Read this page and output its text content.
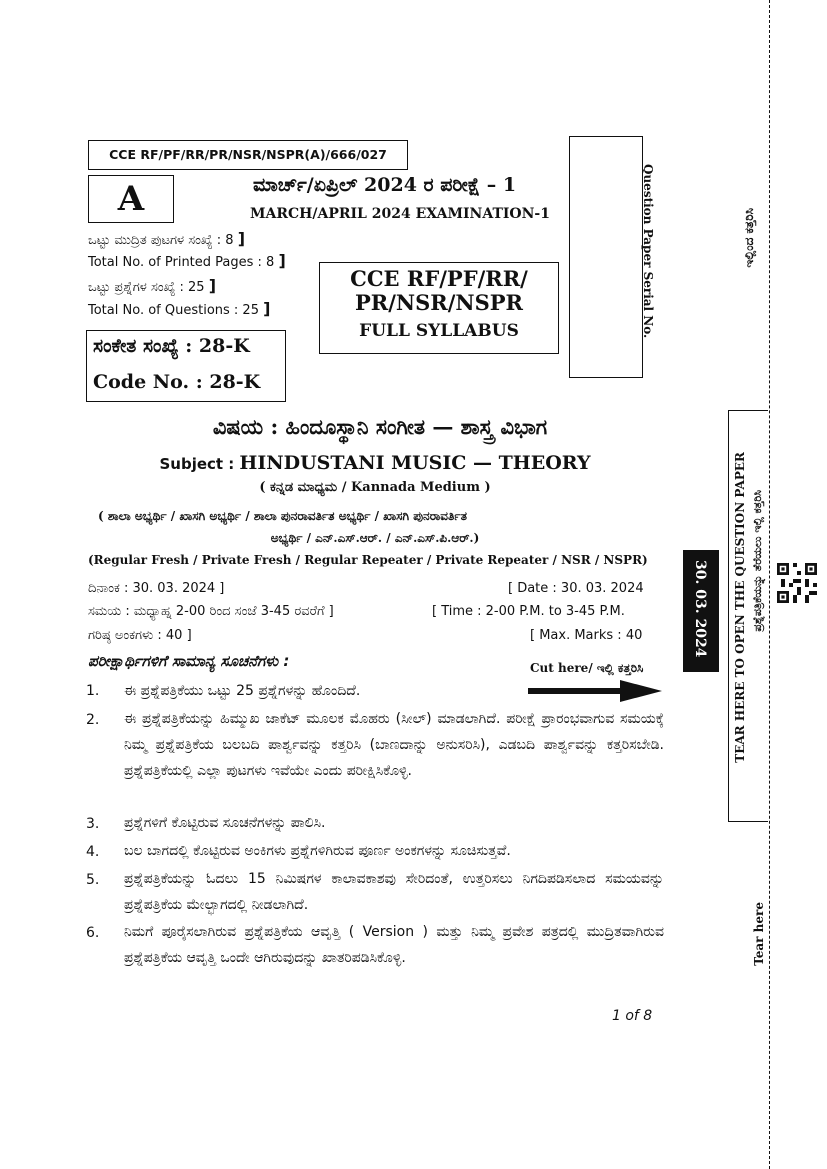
CCE RF/PF/RR/PR/NSR/NSPR(A)/666/027
A	ಮಾರ್ಚ್/ಏಪ್ರಿಲ್ 2024 ರ ಪರೀಕ್ಷೆ – 1
MARCH/APRIL 2024 EXAMINATION-1
ಒಟ್ಟು ಮುದ್ರಿತ ಪುಟಗಳ ಸಂಖ್ಯೆ : 8 ]
Total No. of Printed Pages : 8 ]
ಒಟ್ಟು ಪ್ರಶ್ನೆಗಳ ಸಂಖ್ಯೆ : 25 ]
Total No. of Questions : 25 ]
CCE RF/PF/RR/
PR/NSR/NSPR
FULL SYLLABUS
ಸಂಕೇತ ಸಂಖ್ಯೆ : 28-K
Code No. : 28-K
Question Paper Serial No.
ವಿಷಯ : ಹಿಂದೂಸ್ಥಾನಿ ಸಂಗೀತ — ಶಾಸ್ತ್ರ ವಿಭಾಗ
Subject : HINDUSTANI MUSIC — THEORY
( ಕನ್ನಡ ಮಾಧ್ಯಮ / Kannada Medium )
( ಶಾಲಾ ಅಭ್ಯರ್ಥಿ / ಖಾಸಗಿ ಅಭ್ಯರ್ಥಿ / ಶಾಲಾ ಪುನರಾವರ್ತಿತ ಅಭ್ಯರ್ಥಿ / ಖಾಸಗಿ ಪುನರಾವರ್ತಿತ
ಅಭ್ಯರ್ಥಿ / ಎನ್.ಎಸ್.ಆರ್. / ಎನ್.ಎಸ್.ಪಿ.ಆರ್.)
(Regular Fresh / Private Fresh / Regular Repeater / Private Repeater / NSR / NSPR)
ದಿನಾಂಕ : 30. 03. 2024 ]	[ Date : 30. 03. 2024
ಸಮಯ : ಮಧ್ಯಾಹ್ನ 2-00 ರಿಂದ ಸಂಜೆ 3-45 ರವರೆಗೆ ]	[ Time : 2-00 P.M. to 3-45 P.M.
ಗರಿಷ್ಠ ಅಂಕಗಳು : 40 ]	[ Max. Marks : 40
ಪರೀಕ್ಷಾರ್ಥಿಗಳಿಗೆ ಸಾಮಾನ್ಯ ಸೂಚನೆಗಳು :	Cut here/ ಇಲ್ಲಿ ಕತ್ತರಿಸಿ
1. ಈ ಪ್ರಶ್ನೆಪತ್ರಿಕೆಯು ಒಟ್ಟು 25 ಪ್ರಶ್ನೆಗಳನ್ನು ಹೊಂದಿದೆ.
2. ಈ ಪ್ರಶ್ನೆಪತ್ರಿಕೆಯನ್ನು ಹಿಮ್ಮುಖ ಜಾಕೆಟ್ ಮೂಲಕ ಮೊಹರು (ಸೀಲ್) ಮಾಡಲಾಗಿದೆ. ಪರೀಕ್ಷೆ ಪ್ರಾರಂಭವಾಗುವ ಸಮಯಕ್ಕೆ ನಿಮ್ಮ ಪ್ರಶ್ನೆಪತ್ರಿಕೆಯ ಬಲಬದಿ ಪಾರ್ಶ್ವವನ್ನು ಕತ್ತರಿಸಿ (ಬಾಣದಾನ್ನು ಅನುಸರಿಸಿ), ಎಡಬದಿ ಪಾರ್ಶ್ವವನ್ನು ಕತ್ತರಿಸಬೇಡಿ. ಪ್ರಶ್ನೆಪತ್ರಿಕೆಯಲ್ಲಿ ಎಲ್ಲಾ ಪುಟಗಳು ಇವೆಯೇ ಎಂದು ಪರೀಕ್ಷಿಸಿಕೊಳ್ಳಿ.
3. ಪ್ರಶ್ನೆಗಳಿಗೆ ಕೊಟ್ಟಿರುವ ಸೂಚನೆಗಳನ್ನು ಪಾಲಿಸಿ.
4. ಬಲ ಬಾಗದಲ್ಲಿ ಕೊಟ್ಟಿರುವ ಅಂಕಿಗಳು ಪ್ರಶ್ನೆಗಳಿಗಿರುವ ಪೂರ್ಣ ಅಂಕಗಳನ್ನು ಸೂಚಿಸುತ್ತವೆ.
5. ಪ್ರಶ್ನೆಪತ್ರಿಕೆಯನ್ನು ಓದಲು 15 ನಿಮಿಷಗಳ ಕಾಲಾವಕಾಶವು ಸೇರಿದಂತೆ, ಉತ್ತರಿಸಲು ನಿಗದಿಪಡಿಸಲಾದ ಸಮಯವನ್ನು ಪ್ರಶ್ನೆಪತ್ರಿಕೆಯ ಮೇಲ್ಭಾಗದಲ್ಲಿ ನೀಡಲಾಗಿದೆ.
6. ನಿಮಗೆ ಪೂರೈಸಲಾಗಿರುವ ಪ್ರಶ್ನೆಪತ್ರಿಕೆಯ ಆವೃತ್ತಿ ( Version ) ಮತ್ತು ನಿಮ್ಮ ಪ್ರವೇಶ ಪತ್ರದಲ್ಲಿ ಮುದ್ರಿತವಾಗಿರುವ ಪ್ರಶ್ನೆಪತ್ರಿಕೆಯ ಆವೃತ್ತಿ ಒಂದೇ ಆಗಿರುವುದನ್ನು ಖಾತರಿಪಡಿಸಿಕೊಳ್ಳಿ.
1 of 8
ಇಲ್ಲಿಂದ ಕತ್ತರಿಸಿ
TEAR HERE TO OPEN THE QUESTION PAPER ಪ್ರಶ್ನೆಪತ್ರಿಕೆಯನ್ನು ತೆರೆಯಲು ಇಲ್ಲಿ ಕತ್ತರಿಸಿ
30. 03. 2024
Tear here
